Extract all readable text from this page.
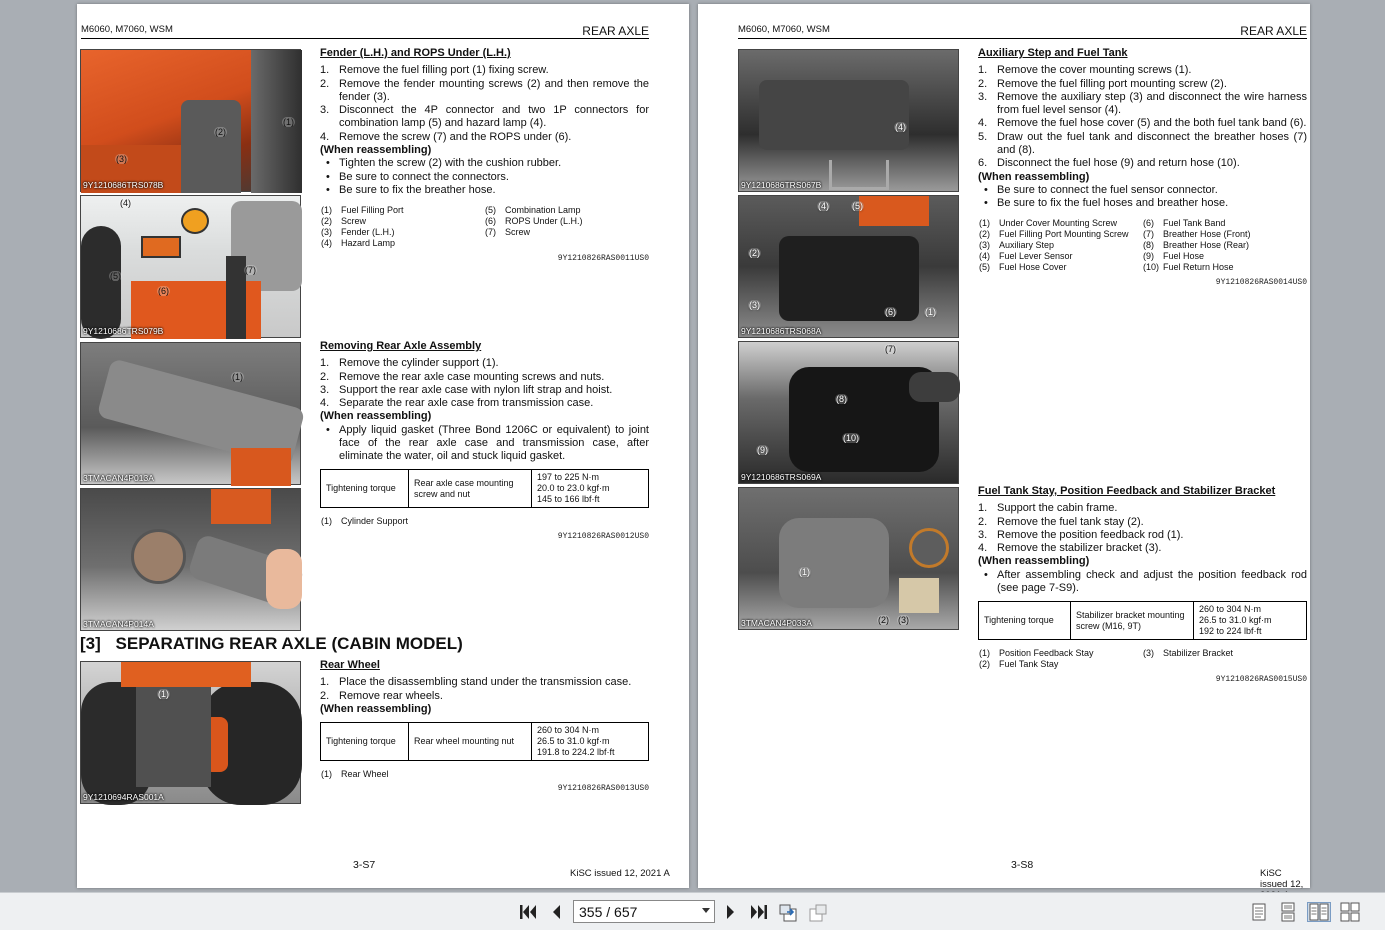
M6060, M7060, WSM	REAR AXLE
(3)
(2)
(1)
9Y1210686TRS078B
(4)
(5)
(6)
(7)
9Y1210686TRS079B
(1)
3TMACAN4P013A
3TMACAN4P014A
(1)
9Y1210694RAS001A
Fender (L.H.) and ROPS Under (L.H.)
1. Remove the fuel filling port (1) fixing screw.
2. Remove the fender mounting screws (2) and then remove the fender (3).
3. Disconnect the 4P connector and two 1P connectors for combination lamp (5) and hazard lamp (4).
4. Remove the screw (7) and the ROPS under (6).
(When reassembling)
• Tighten the screw (2) with the cushion rubber.
• Be sure to connect the connectors.
• Be sure to fix the breather hose.
(1)	Fuel Filling Port	(5)	Combination Lamp
(2)	Screw	(6)	ROPS Under (L.H.)
(3)	Fender (L.H.)	(7)	Screw
(4)	Hazard Lamp
9Y1210826RAS0011US0
Removing Rear Axle Assembly
1. Remove the cylinder support (1).
2. Remove the rear axle case mounting screws and nuts.
3. Support the rear axle case with nylon lift strap and hoist.
4. Separate the rear axle case from transmission case.
(When reassembling)
• Apply liquid gasket (Three Bond 1206C or equivalent) to joint face of the rear axle case and transmission case, after eliminate the water, oil and stuck liquid gasket.
Tightening torque	Rear axle case mounting screw and nut	
197 to 225 N·m
20.0 to 23.0 kgf·m
145 to 166 lbf·ft
(1)	Cylinder Support
9Y1210826RAS0012US0
[3] SEPARATING REAR AXLE (CABIN MODEL)
Rear Wheel
1. Place the disassembling stand under the transmission case.
2. Remove rear wheels.
(When reassembling)
Tightening torque	Rear wheel mounting nut	
260 to 304 N·m
26.5 to 31.0 kgf·m
191.8 to 224.2 lbf·ft
(1)	Rear Wheel
9Y1210826RAS0013US0
3-S7
KiSC issued 12, 2021 A
M6060, M7060, WSM	REAR AXLE
(4)
9Y1210686TRS067B
(4)	(5)
(2)
(3)
(6)	(1)
9Y1210686TRS068A
(7)
(8)
(10)
(9)
9Y1210686TRS069A
(1)
(2) (3)
3TMACAN4P033A
Auxiliary Step and Fuel Tank
1. Remove the cover mounting screws (1).
2. Remove the fuel filling port mounting screw (2).
3. Remove the auxiliary step (3) and disconnect the wire harness from fuel level sensor (4).
4. Remove the fuel hose cover (5) and the both fuel tank band (6).
5. Draw out the fuel tank and disconnect the breather hoses (7) and (8).
6. Disconnect the fuel hose (9) and return hose (10).
(When reassembling)
• Be sure to connect the fuel sensor connector.
• Be sure to fix the fuel hoses and breather hose.
(1)	Under Cover Mounting Screw	(6)	Fuel Tank Band
(2)	Fuel Filling Port Mounting Screw (7)	Breather Hose (Front)
(3)	Auxiliary Step	(8)	Breather Hose (Rear)
(4)	Fuel Lever Sensor	(9)	Fuel Hose
(5)	Fuel Hose Cover	(10) Fuel Return Hose
9Y1210826RAS0014US0
Fuel Tank Stay, Position Feedback and Stabilizer Bracket
1. Support the cabin frame.
2. Remove the fuel tank stay (2).
3. Remove the position feedback rod (1).
4. Remove the stabilizer bracket (3).
(When reassembling)
• After assembling check and adjust the position feedback rod (see page 7-S9).
Tightening torque	Stabilizer bracket mounting screw (M16, 9T)	
260 to 304 N·m
26.5 to 31.0 kgf·m
192 to 224 lbf·ft
(1)	Position Feedback Stay	(3)	Stabilizer Bracket
(2)	Fuel Tank Stay
9Y1210826RAS0015US0
3-S8
KiSC issued 12,
355 / 657
